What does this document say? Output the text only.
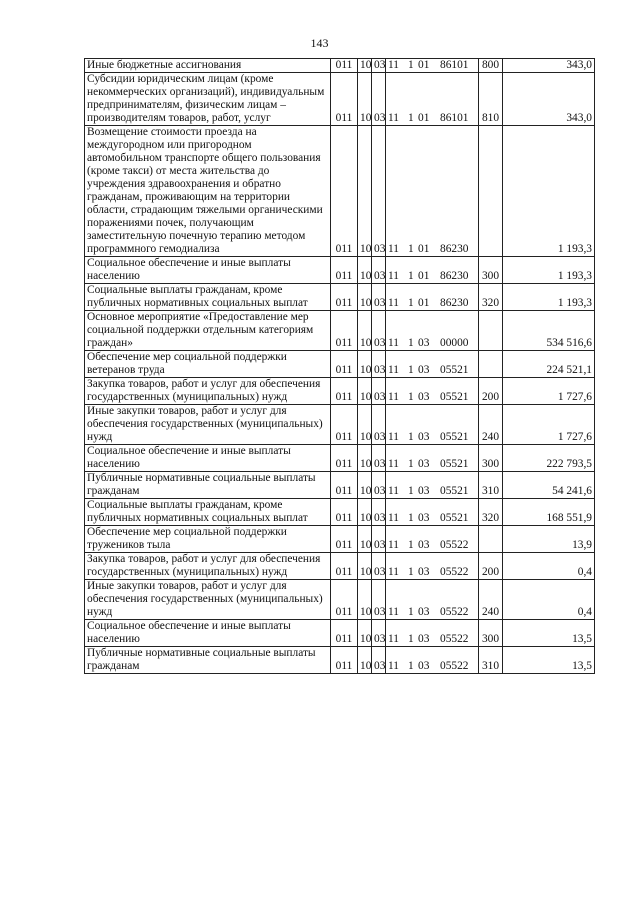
143
Иные бюджетные ассигнования	011	10	03	11 1 01 86101	800	343,0
Субсидии юридическим лицам (кроме некоммерческих организаций), индивидуальным предпринимателям, физическим лицам – производителям товаров, работ, услуг	011	10	03	11 1 01 86101	810	343,0
Возмещение стоимости проезда на междугородном или пригородном автомобильном транспорте общего пользования (кроме такси) от места жительства до учреждения здравоохранения и обратно гражданам, проживающим на территории области, страдающим тяжелыми органическими поражениями почек, получающим заместительную почечную терапию методом программного гемодиализа	011	10	03	11 1 01 86230		1 193,3
Социальное обеспечение и иные выплаты населению	011	10	03	11 1 01 86230	300	1 193,3
Социальные выплаты гражданам, кроме публичных нормативных социальных выплат	011	10	03	11 1 01 86230	320	1 193,3
Основное мероприятие «Предоставление мер социальной поддержки отдельным категориям граждан»	011	10	03	11 1 03 00000		534 516,6
Обеспечение мер социальной поддержки ветеранов труда	011	10	03	11 1 03 05521		224 521,1
Закупка товаров, работ и услуг для обеспечения государственных (муниципальных) нужд	011	10	03	11 1 03 05521	200	1 727,6
Иные закупки товаров, работ и услуг для обеспечения государственных (муниципальных) нужд	011	10	03	11 1 03 05521	240	1 727,6
Социальное обеспечение и иные выплаты населению	011	10	03	11 1 03 05521	300	222 793,5
Публичные нормативные социальные выплаты гражданам	011	10	03	11 1 03 05521	310	54 241,6
Социальные выплаты гражданам, кроме публичных нормативных социальных выплат	011	10	03	11 1 03 05521	320	168 551,9
Обеспечение мер социальной поддержки тружеников тыла	011	10	03	11 1 03 05522		13,9
Закупка товаров, работ и услуг для обеспечения государственных (муниципальных) нужд	011	10	03	11 1 03 05522	200	0,4
Иные закупки товаров, работ и услуг для обеспечения государственных (муниципальных) нужд	011	10	03	11 1 03 05522	240	0,4
Социальное обеспечение и иные выплаты населению	011	10	03	11 1 03 05522	300	13,5
Публичные нормативные социальные выплаты гражданам	011	10	03	11 1 03 05522	310	13,5
